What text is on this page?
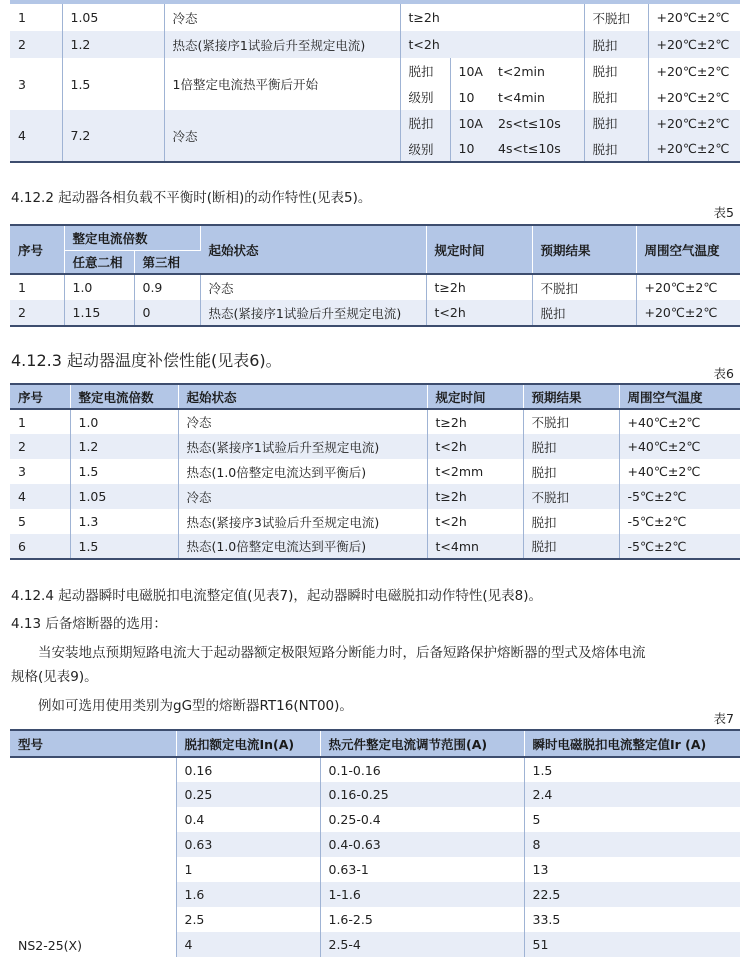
1	1.05	冷态	t≥2h			不脱扣	+20℃±2℃
2	1.2	热态(紧接序1试验后升至规定电流)	t<2h			脱扣	+20℃±2℃
3	1.5	1倍整定电流热平衡后开始	脱扣	10A	t<2min	脱扣	+20℃±2℃
			级别	10	t<4min	脱扣	+20℃±2℃
4	7.2	冷态	脱扣	10A	2s<t≤10s	脱扣	+20℃±2℃
			级别	10	4s<t≤10s	脱扣	+20℃±2℃
4.12.2 起动器各相负载不平衡时(断相)的动作特性(见表5)。
表5
序号	整定电流倍数		起始状态	规定时间	预期结果	周围空气温度
	任意二相	第三相				
1	1.0	0.9	冷态	t≥2h	不脱扣	+20℃±2℃
2	1.15	0	热态(紧接序1试验后升至规定电流)	t<2h	脱扣	+20℃±2℃
4.12.3 起动器温度补偿性能(见表6)。
表6
序号	整定电流倍数	起始状态	规定时间	预期结果	周围空气温度
1	1.0	冷态	t≥2h	不脱扣	+40℃±2℃
2	1.2	热态(紧接序1试验后升至规定电流)	t<2h	脱扣	+40℃±2℃
3	1.5	热态(1.0倍整定电流达到平衡后)	t<2mm	脱扣	+40℃±2℃
4	1.05	冷态	t≥2h	不脱扣	-5℃±2℃
5	1.3	热态(紧接序3试验后升至规定电流)	t<2h	脱扣	-5℃±2℃
6	1.5	热态(1.0倍整定电流达到平衡后)	t<4mn	脱扣	-5℃±2℃
4.12.4 起动器瞬时电磁脱扣电流整定值(见表7)，起动器瞬时电磁脱扣动作特性(见表8)。
4.13 后备熔断器的选用：
当安装地点预期短路电流大于起动器额定极限短路分断能力时，后备短路保护熔断器的型式及熔体电流
规格(见表9)。
例如可选用使用类别为gG型的熔断器RT16(NT00)。
表7
型号	脱扣额定电流In(A)	热元件整定电流调节范围(A)	瞬时电磁脱扣电流整定值Ir (A)
NS2-25(X)	0.16	0.1-0.16	1.5
	0.25	0.16-0.25	2.4
	0.4	0.25-0.4	5
	0.63	0.4-0.63	8
	1	0.63-1	13
	1.6	1-1.6	22.5
	2.5	1.6-2.5	33.5
	4	2.5-4	51
